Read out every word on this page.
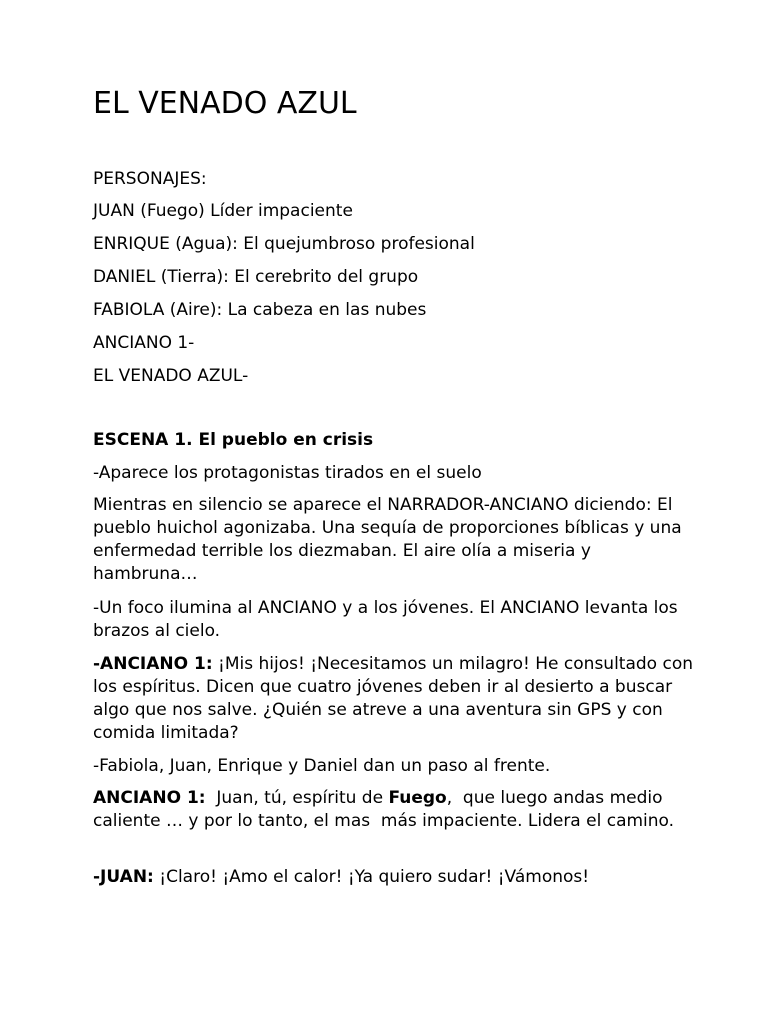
EL VENADO AZUL

PERSONAJES:

JUAN (Fuego) Líder impaciente

ENRIQUE (Agua): El quejumbroso profesional

DANIEL (Tierra): El cerebrito del grupo

FABIOLA (Aire): La cabeza en las nubes

ANCIANO 1-

EL VENADO AZUL-

ESCENA 1. El pueblo en crisis

-Aparece los protagonistas tirados en el suelo

Mientras en silencio se aparece el NARRADOR-ANCIANO diciendo: El pueblo huichol agonizaba. Una sequía de proporciones bíblicas y una enfermedad terrible los diezmaban. El aire olía a miseria y hambruna…

-Un foco ilumina al ANCIANO y a los jóvenes. El ANCIANO levanta los brazos al cielo.

-ANCIANO 1: ¡Mis hijos! ¡Necesitamos un milagro! He consultado con los espíritus. Dicen que cuatro jóvenes deben ir al desierto a buscar algo que nos salve. ¿Quién se atreve a una aventura sin GPS y con comida limitada?

-Fabiola, Juan, Enrique y Daniel dan un paso al frente.

ANCIANO 1:  Juan, tú, espíritu de Fuego,  que luego andas medio caliente … y por lo tanto, el mas  más impaciente. Lidera el camino.

-JUAN: ¡Claro! ¡Amo el calor! ¡Ya quiero sudar! ¡Vámonos!
